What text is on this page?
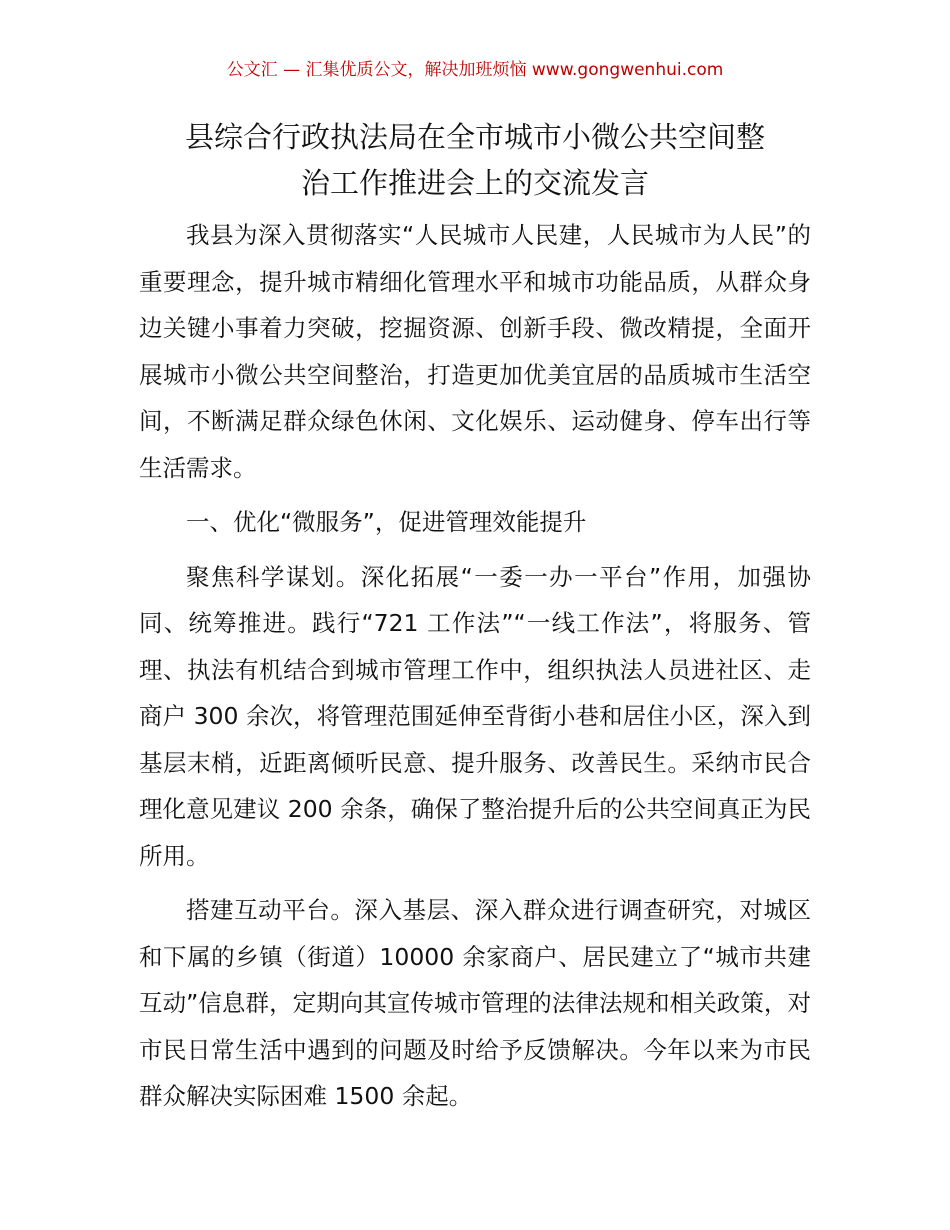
公文汇 — 汇集优质公文，解决加班烦恼 www.gongwenhui.com
县综合行政执法局在全市城市小微公共空间整
治工作推进会上的交流发言

我县为深入贯彻落实“人民城市人民建，人民城市为人民”的重要理念，提升城市精细化管理水平和城市功能品质，从群众身边关键小事着力突破，挖掘资源、创新手段、微改精提，全面开展城市小微公共空间整治，打造更加优美宜居的品质城市生活空间，不断满足群众绿色休闲、文化娱乐、运动健身、停车出行等生活需求。

一、优化“微服务”，促进管理效能提升

聚焦科学谋划。深化拓展“一委一办一平台”作用，加强协同、统筹推进。践行“721 工作法”“一线工作法”，将服务、管理、执法有机结合到城市管理工作中，组织执法人员进社区、走商户 300 余次，将管理范围延伸至背街小巷和居住小区，深入到基层末梢，近距离倾听民意、提升服务、改善民生。采纳市民合理化意见建议 200 余条，确保了整治提升后的公共空间真正为民所用。

搭建互动平台。深入基层、深入群众进行调查研究，对城区和下属的乡镇（街道）10000 余家商户、居民建立了“城市共建互动”信息群，定期向其宣传城市管理的法律法规和相关政策，对市民日常生活中遇到的问题及时给予反馈解决。今年以来为市民群众解决实际困难 1500 余起。
